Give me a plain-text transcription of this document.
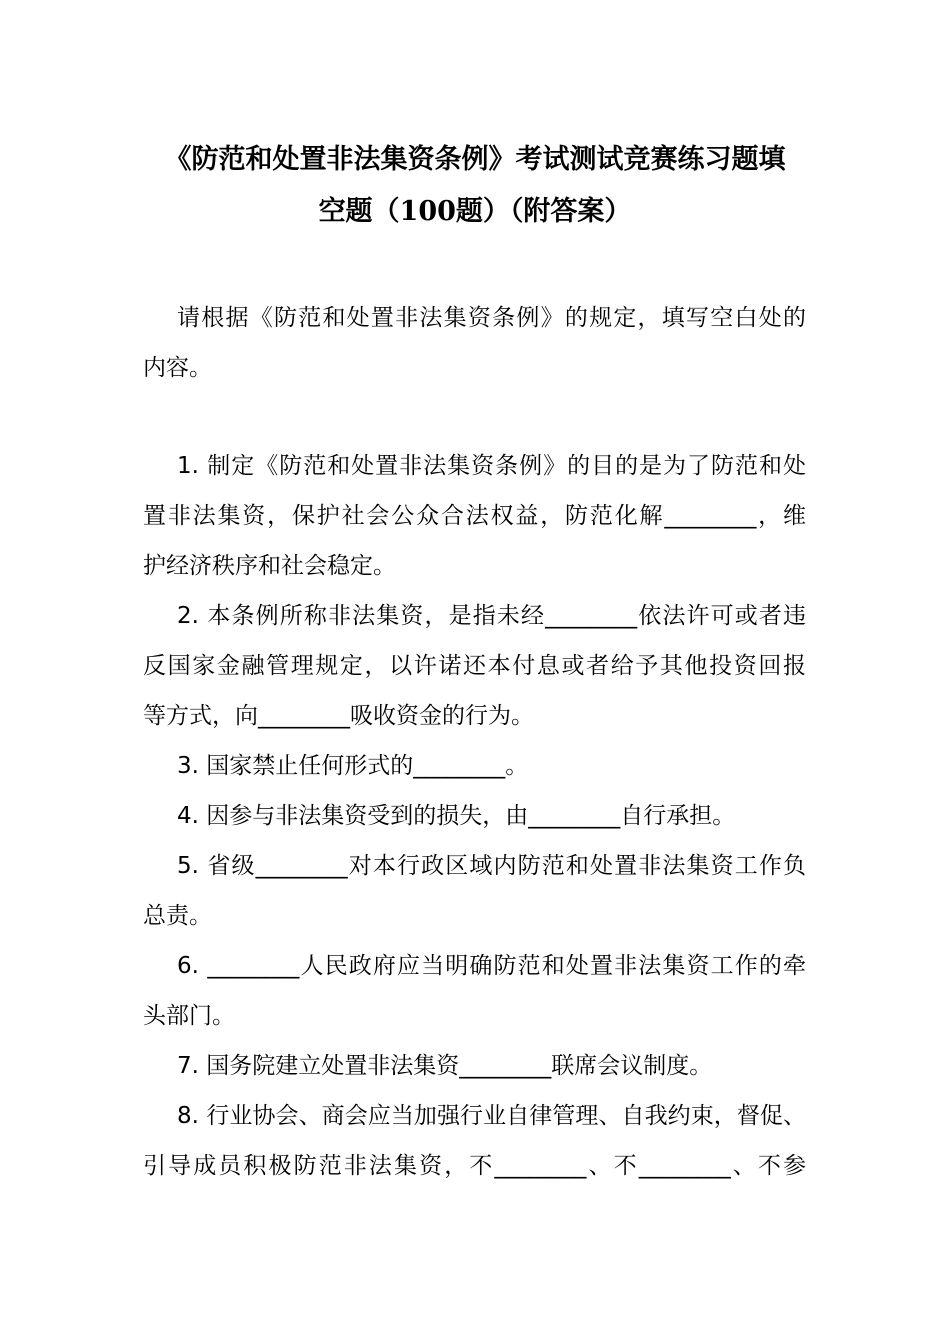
《防范和处置非法集资条例》考试测试竞赛练习题填
空题（100题）（附答案）
请根据《防范和处置非法集资条例》的规定，填写空白处的
内容。
1. 制定《防范和处置非法集资条例》的目的是为了防范和处
置非法集资，保护社会公众合法权益，防范化解________，维
护经济秩序和社会稳定。
2. 本条例所称非法集资，是指未经________依法许可或者违
反国家金融管理规定，以许诺还本付息或者给予其他投资回报
等方式，向________吸收资金的行为。
3. 国家禁止任何形式的________。
4. 因参与非法集资受到的损失，由________自行承担。
5. 省级________对本行政区域内防范和处置非法集资工作负
总责。
6. ________人民政府应当明确防范和处置非法集资工作的牵
头部门。
7. 国务院建立处置非法集资________联席会议制度。
8. 行业协会、商会应当加强行业自律管理、自我约束，督促、
引导成员积极防范非法集资，不________、不________、不参
